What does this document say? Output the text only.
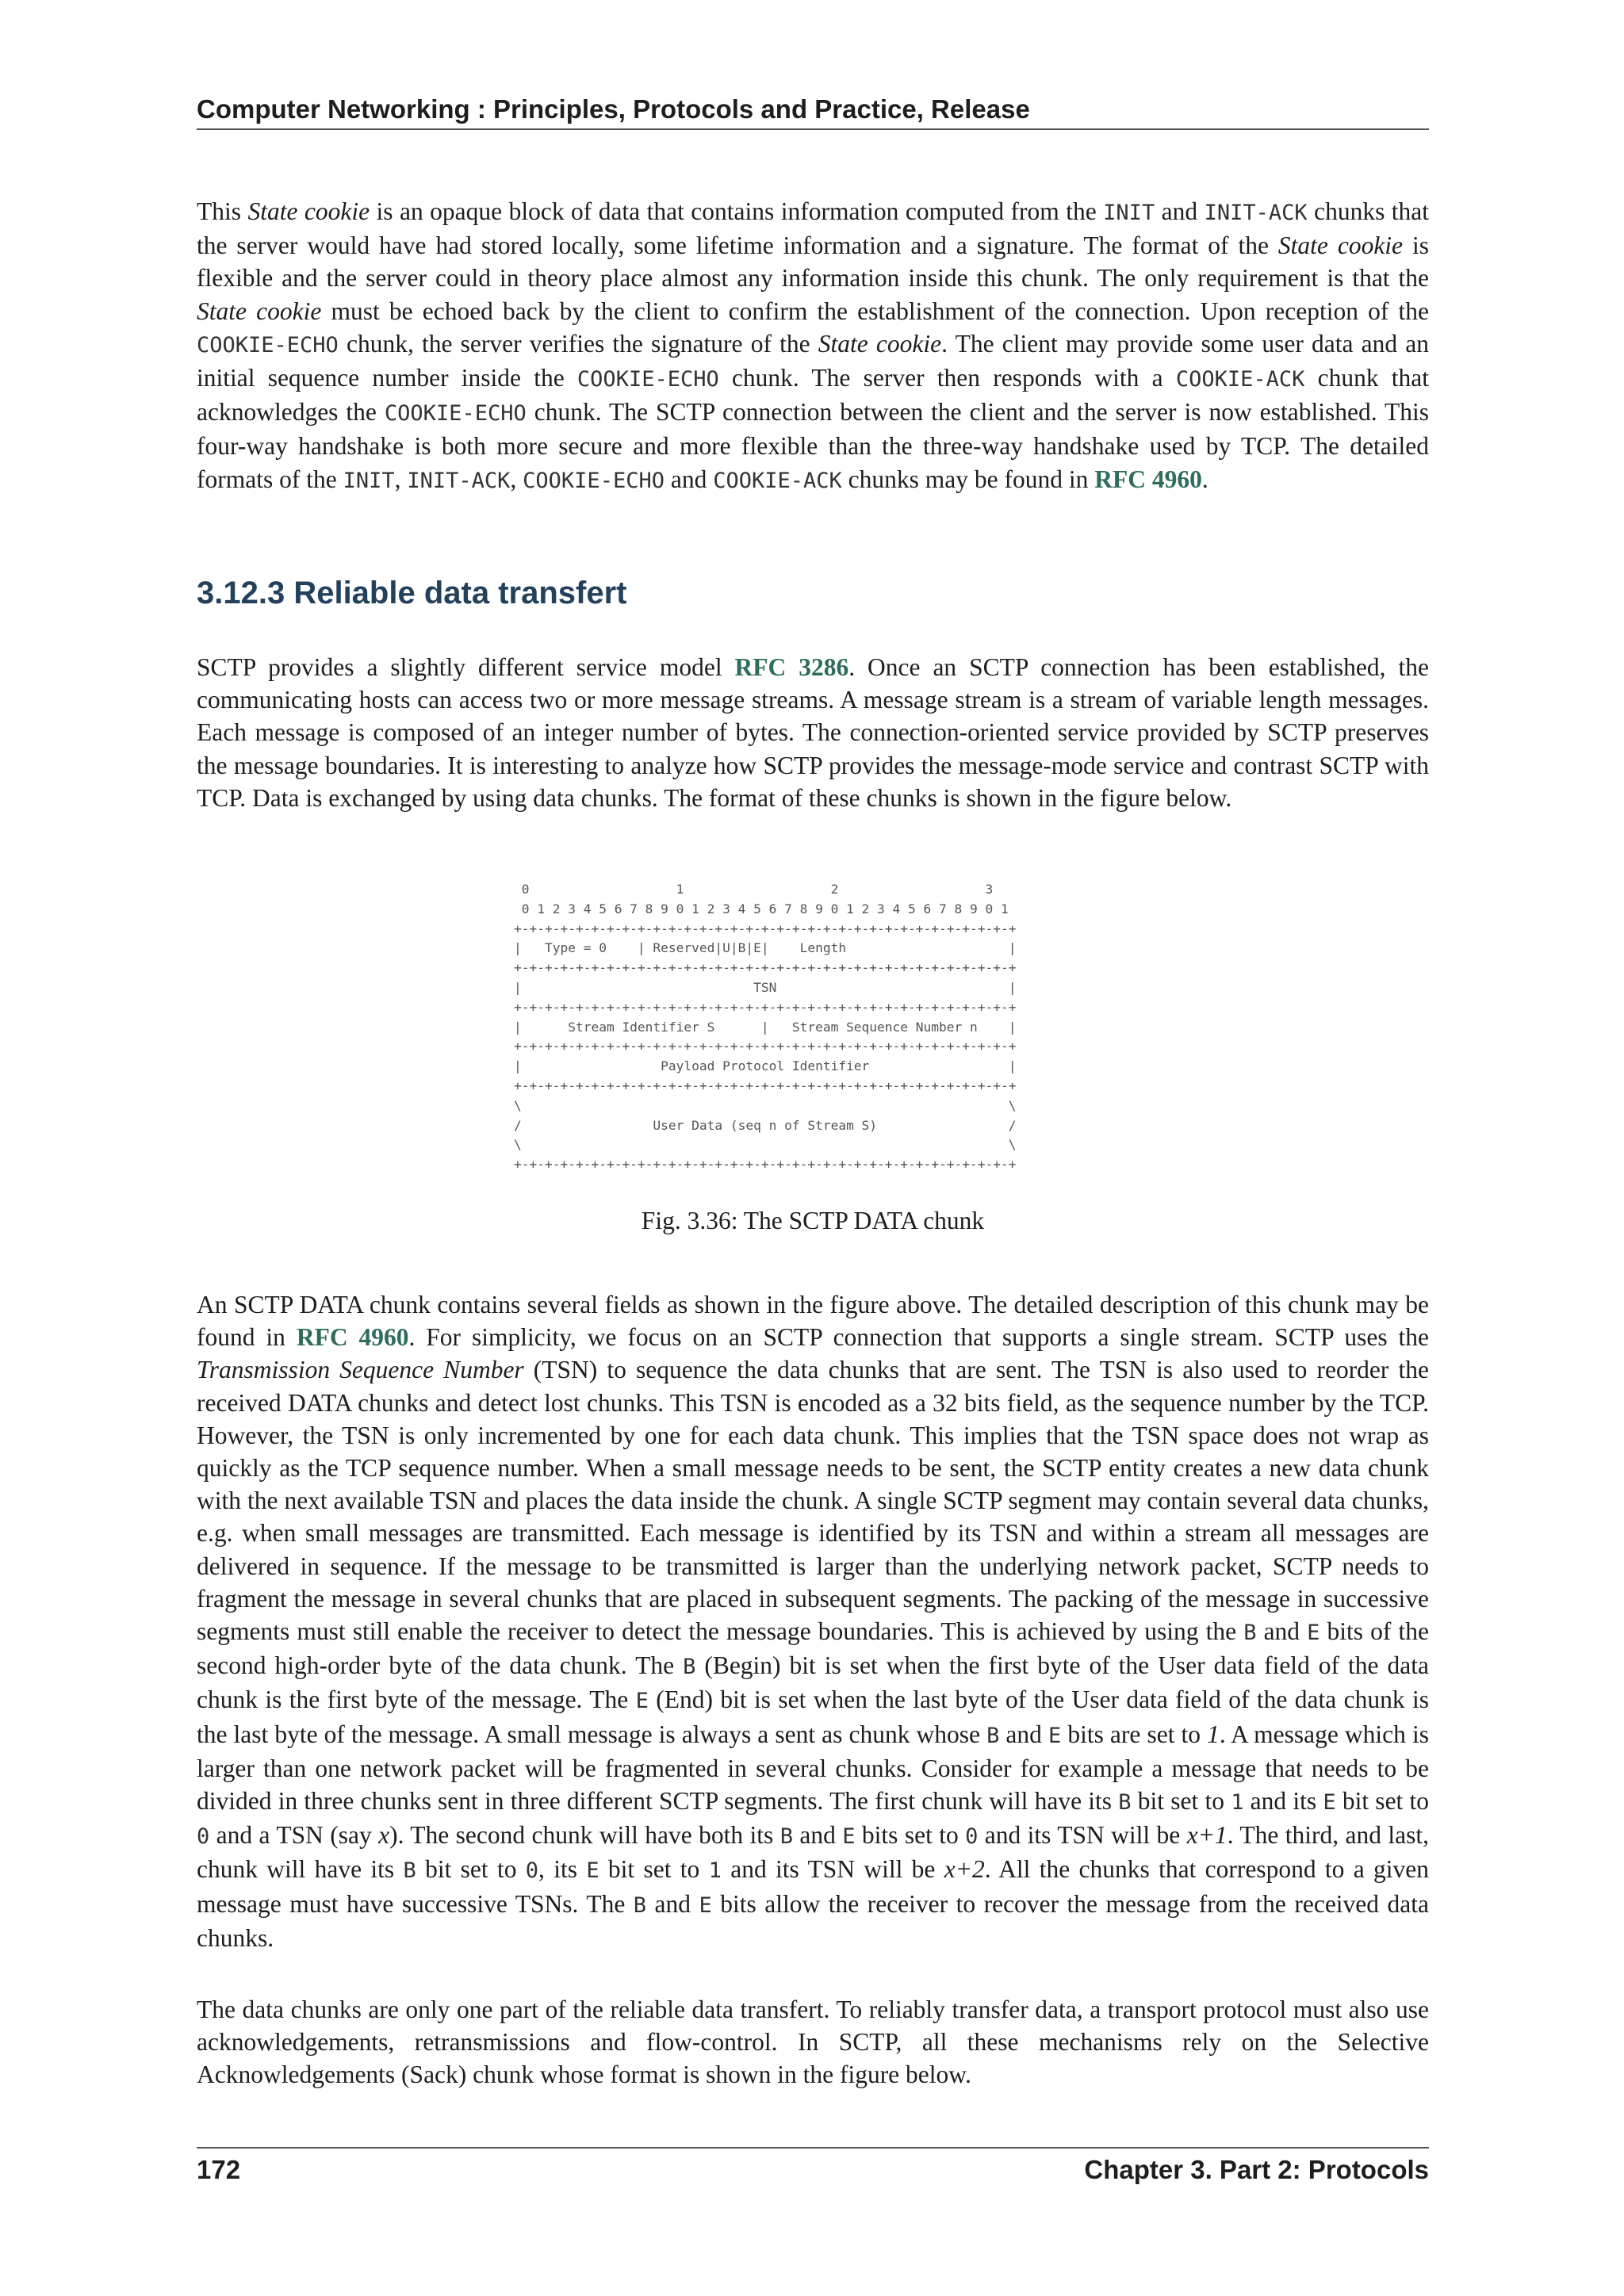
Computer Networking : Principles, Protocols and Practice, Release
This State cookie is an opaque block of data that contains information computed from the INIT and INIT-ACK chunks that the server would have had stored locally, some lifetime information and a signature. The format of the State cookie is flexible and the server could in theory place almost any information inside this chunk. The only requirement is that the State cookie must be echoed back by the client to confirm the establishment of the connection. Upon reception of the COOKIE-ECHO chunk, the server verifies the signature of the State cookie. The client may provide some user data and an initial sequence number inside the COOKIE-ECHO chunk. The server then responds with a COOKIE-ACK chunk that acknowledges the COOKIE-ECHO chunk. The SCTP connection between the client and the server is now established. This four-way handshake is both more secure and more flexible than the three-way handshake used by TCP. The detailed formats of the INIT, INIT-ACK, COOKIE-ECHO and COOKIE-ACK chunks may be found in RFC 4960.
3.12.3 Reliable data transfert
SCTP provides a slightly different service model RFC 3286. Once an SCTP connection has been established, the communicating hosts can access two or more message streams. A message stream is a stream of variable length messages. Each message is composed of an integer number of bytes. The connection-oriented service provided by SCTP preserves the message boundaries. It is interesting to analyze how SCTP provides the message-mode service and contrast SCTP with TCP. Data is exchanged by using data chunks. The format of these chunks is shown in the figure below.
0                   1                   2                   3
0 1 2 3 4 5 6 7 8 9 0 1 2 3 4 5 6 7 8 9 0 1 2 3 4 5 6 7 8 9 0 1
+-+-+-+-+-+-+-+-+-+-+-+-+-+-+-+-+-+-+-+-+-+-+-+-+-+-+-+-+-+-+-+-+
|   Type = 0    | Reserved|U|B|E|    Length                     |
+-+-+-+-+-+-+-+-+-+-+-+-+-+-+-+-+-+-+-+-+-+-+-+-+-+-+-+-+-+-+-+-+
|                              TSN                              |
+-+-+-+-+-+-+-+-+-+-+-+-+-+-+-+-+-+-+-+-+-+-+-+-+-+-+-+-+-+-+-+-+
|      Stream Identifier S      |   Stream Sequence Number n    |
+-+-+-+-+-+-+-+-+-+-+-+-+-+-+-+-+-+-+-+-+-+-+-+-+-+-+-+-+-+-+-+-+
|                  Payload Protocol Identifier                  |
+-+-+-+-+-+-+-+-+-+-+-+-+-+-+-+-+-+-+-+-+-+-+-+-+-+-+-+-+-+-+-+-+
\                                                               \
/                 User Data (seq n of Stream S)                 /
\                                                               \
+-+-+-+-+-+-+-+-+-+-+-+-+-+-+-+-+-+-+-+-+-+-+-+-+-+-+-+-+-+-+-+-+
Fig. 3.36: The SCTP DATA chunk
An SCTP DATA chunk contains several fields as shown in the figure above. The detailed description of this chunk may be found in RFC 4960. For simplicity, we focus on an SCTP connection that supports a single stream. SCTP uses the Transmission Sequence Number (TSN) to sequence the data chunks that are sent. The TSN is also used to reorder the received DATA chunks and detect lost chunks. This TSN is encoded as a 32 bits field, as the sequence number by the TCP. However, the TSN is only incremented by one for each data chunk. This implies that the TSN space does not wrap as quickly as the TCP sequence number. When a small message needs to be sent, the SCTP entity creates a new data chunk with the next available TSN and places the data inside the chunk. A single SCTP segment may contain several data chunks, e.g. when small messages are transmitted. Each message is identified by its TSN and within a stream all messages are delivered in sequence. If the message to be transmitted is larger than the underlying network packet, SCTP needs to fragment the message in several chunks that are placed in subsequent segments. The packing of the message in successive segments must still enable the receiver to detect the message boundaries. This is achieved by using the B and E bits of the second high-order byte of the data chunk. The B (Begin) bit is set when the first byte of the User data field of the data chunk is the first byte of the message. The E (End) bit is set when the last byte of the User data field of the data chunk is the last byte of the message. A small message is always a sent as chunk whose B and E bits are set to 1. A message which is larger than one network packet will be fragmented in several chunks. Consider for example a message that needs to be divided in three chunks sent in three different SCTP segments. The first chunk will have its B bit set to 1 and its E bit set to 0 and a TSN (say x). The second chunk will have both its B and E bits set to 0 and its TSN will be x+1. The third, and last, chunk will have its B bit set to 0, its E bit set to 1 and its TSN will be x+2. All the chunks that correspond to a given message must have successive TSNs. The B and E bits allow the receiver to recover the message from the received data chunks.
The data chunks are only one part of the reliable data transfert. To reliably transfer data, a transport protocol must also use acknowledgements, retransmissions and flow-control. In SCTP, all these mechanisms rely on the Selective Acknowledgements (Sack) chunk whose format is shown in the figure below.
172	Chapter 3. Part 2: Protocols
